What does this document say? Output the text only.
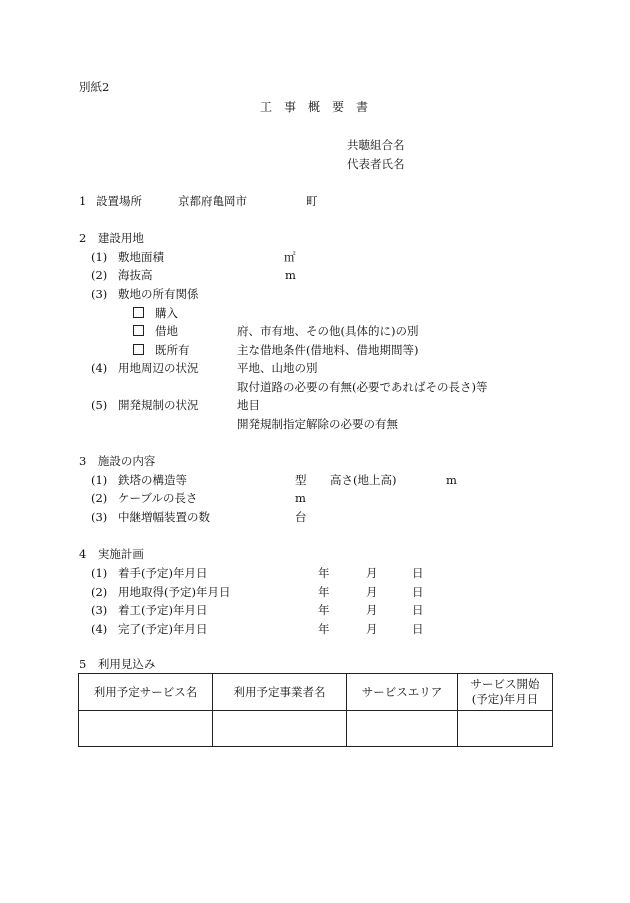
別紙2
工　事　概　要　書
共聴組合名
代表者氏名
1 設置場所	京都府亀岡市	町
2　建設用地
(1) 敷地面積	㎡
(2) 海抜高	m
(3) 敷地の所有関係
購入
借地	府、市有地、その他(具体的に)の別
既所有	主な借地条件(借地料、借地期間等)
(4) 用地周辺の状況	平地、山地の別
取付道路の必要の有無(必要であればその長さ)等
(5) 開発規制の状況	地目
開発規制指定解除の必要の有無
3　施設の内容
(1) 鉄塔の構造等	型 高さ(地上高)	m
(2) ケーブルの長さ	m
(3) 中継増幅装置の数	台
4　実施計画
(1) 着手(予定)年月日	年	月	日
(2) 用地取得(予定)年月日	年	月	日
(3) 着工(予定)年月日	年	月	日
(4) 完了(予定)年月日	年	月	日
5　利用見込み
利用予定サービス名	利用予定事業者名	サービスエリア	サービス開始
(予定)年月日
